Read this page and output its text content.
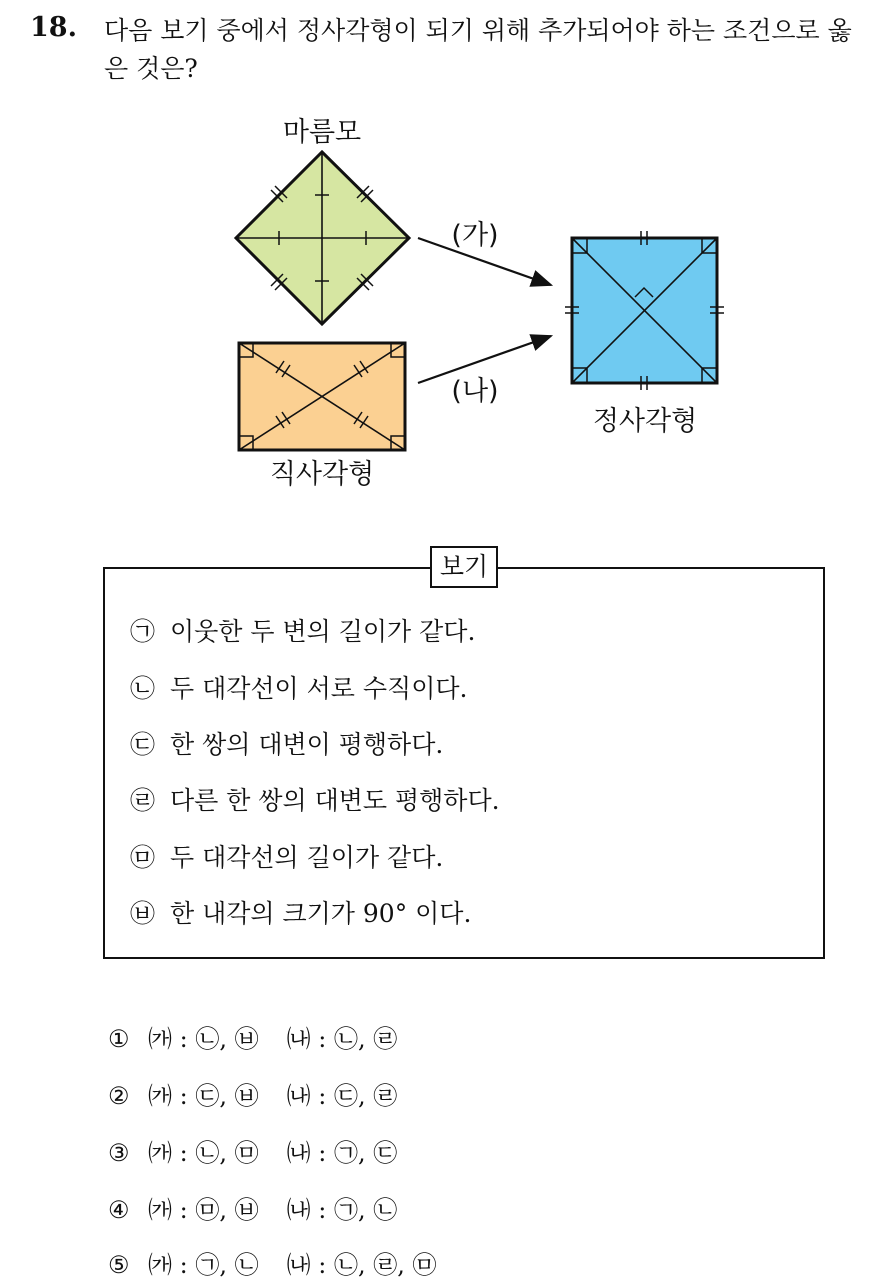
18. 다음 보기 중에서 정사각형이 되기 위해 추가되어야 하는 조건으로 옳은 것은?
마름모
직사각형
정사각형
(가)
(나)
보기
㉠ 이웃한 두 변의 길이가 같다.
㉡ 두 대각선이 서로 수직이다.
㉢ 한 쌍의 대변이 평행하다.
㉣ 다른 한 쌍의 대변도 평행하다.
㉤ 두 대각선의 길이가 같다.
㉥ 한 내각의 크기가 90° 이다.
① ㈎ : ㉡, ㉥ ㈏ : ㉡, ㉣
② ㈎ : ㉢, ㉥ ㈏ : ㉢, ㉣
③ ㈎ : ㉡, ㉤ ㈏ : ㉠, ㉢
④ ㈎ : ㉤, ㉥ ㈏ : ㉠, ㉡
⑤ ㈎ : ㉠, ㉡ ㈏ : ㉡, ㉣, ㉤
